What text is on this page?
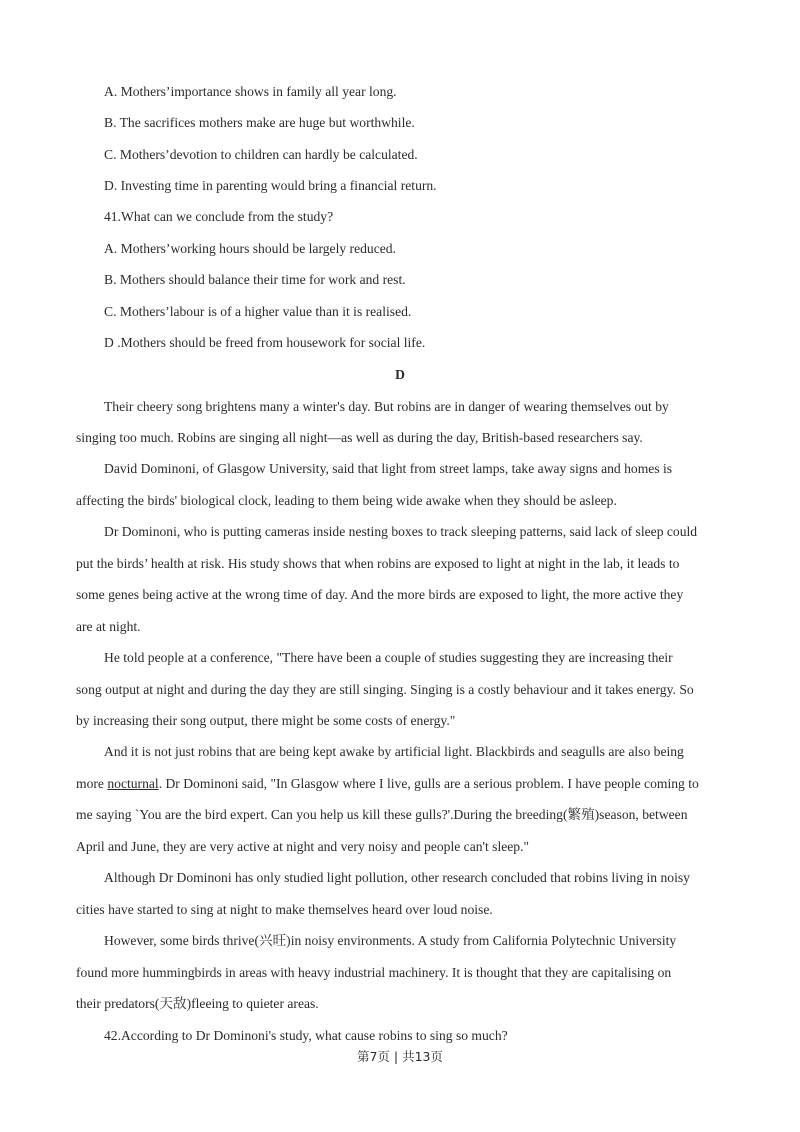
A. Mothers’importance shows in family all year long.
B. The sacrifices mothers make are huge but worthwhile.
C. Mothers’devotion to children can hardly be calculated.
D. Investing time in parenting would bring a financial return.
41.What can we conclude from the study?
A. Mothers’working hours should be largely reduced.
B. Mothers should balance their time for work and rest.
C. Mothers’labour is of a higher value than it is realised.
D .Mothers should be freed from housework for social life.
D
Their cheery song brightens many a winter's day. But robins are in danger of wearing themselves out by
singing too much. Robins are singing all night—as well as during the day, British-based researchers say.
David Dominoni, of Glasgow University, said that light from street lamps, take away signs and homes is
affecting the birds' biological clock, leading to them being wide awake when they should be asleep.
Dr Dominoni, who is putting cameras inside nesting boxes to track sleeping patterns, said lack of sleep could
put the birds’ health at risk. His study shows that when robins are exposed to light at night in the lab, it leads to
some genes being active at the wrong time of day. And the more birds are exposed to light, the more active they
are at night.
He told people at a conference, "There have been a couple of studies suggesting they are increasing their
song output at night and during the day they are still singing. Singing is a costly behaviour and it takes energy. So
by increasing their song output, there might be some costs of energy."
And it is not just robins that are being kept awake by artificial light. Blackbirds and seagulls are also being
more nocturnal. Dr Dominoni said, "In Glasgow where I live, gulls are a serious problem. I have people coming to
me saying `You are the bird expert. Can you help us kill these gulls?'.During the breeding(繁殖)season, between
April and June, they are very active at night and very noisy and people can't sleep."
Although Dr Dominoni has only studied light pollution, other research concluded that robins living in noisy
cities have started to sing at night to make themselves heard over loud noise.
However, some birds thrive(兴旺)in noisy environments. A study from California Polytechnic University
found more hummingbirds in areas with heavy industrial machinery. It is thought that they are capitalising on
their predators(天敌)fleeing to quieter areas.
42.According to Dr Dominoni's study, what cause robins to sing so much?
第7页 | 共13页
